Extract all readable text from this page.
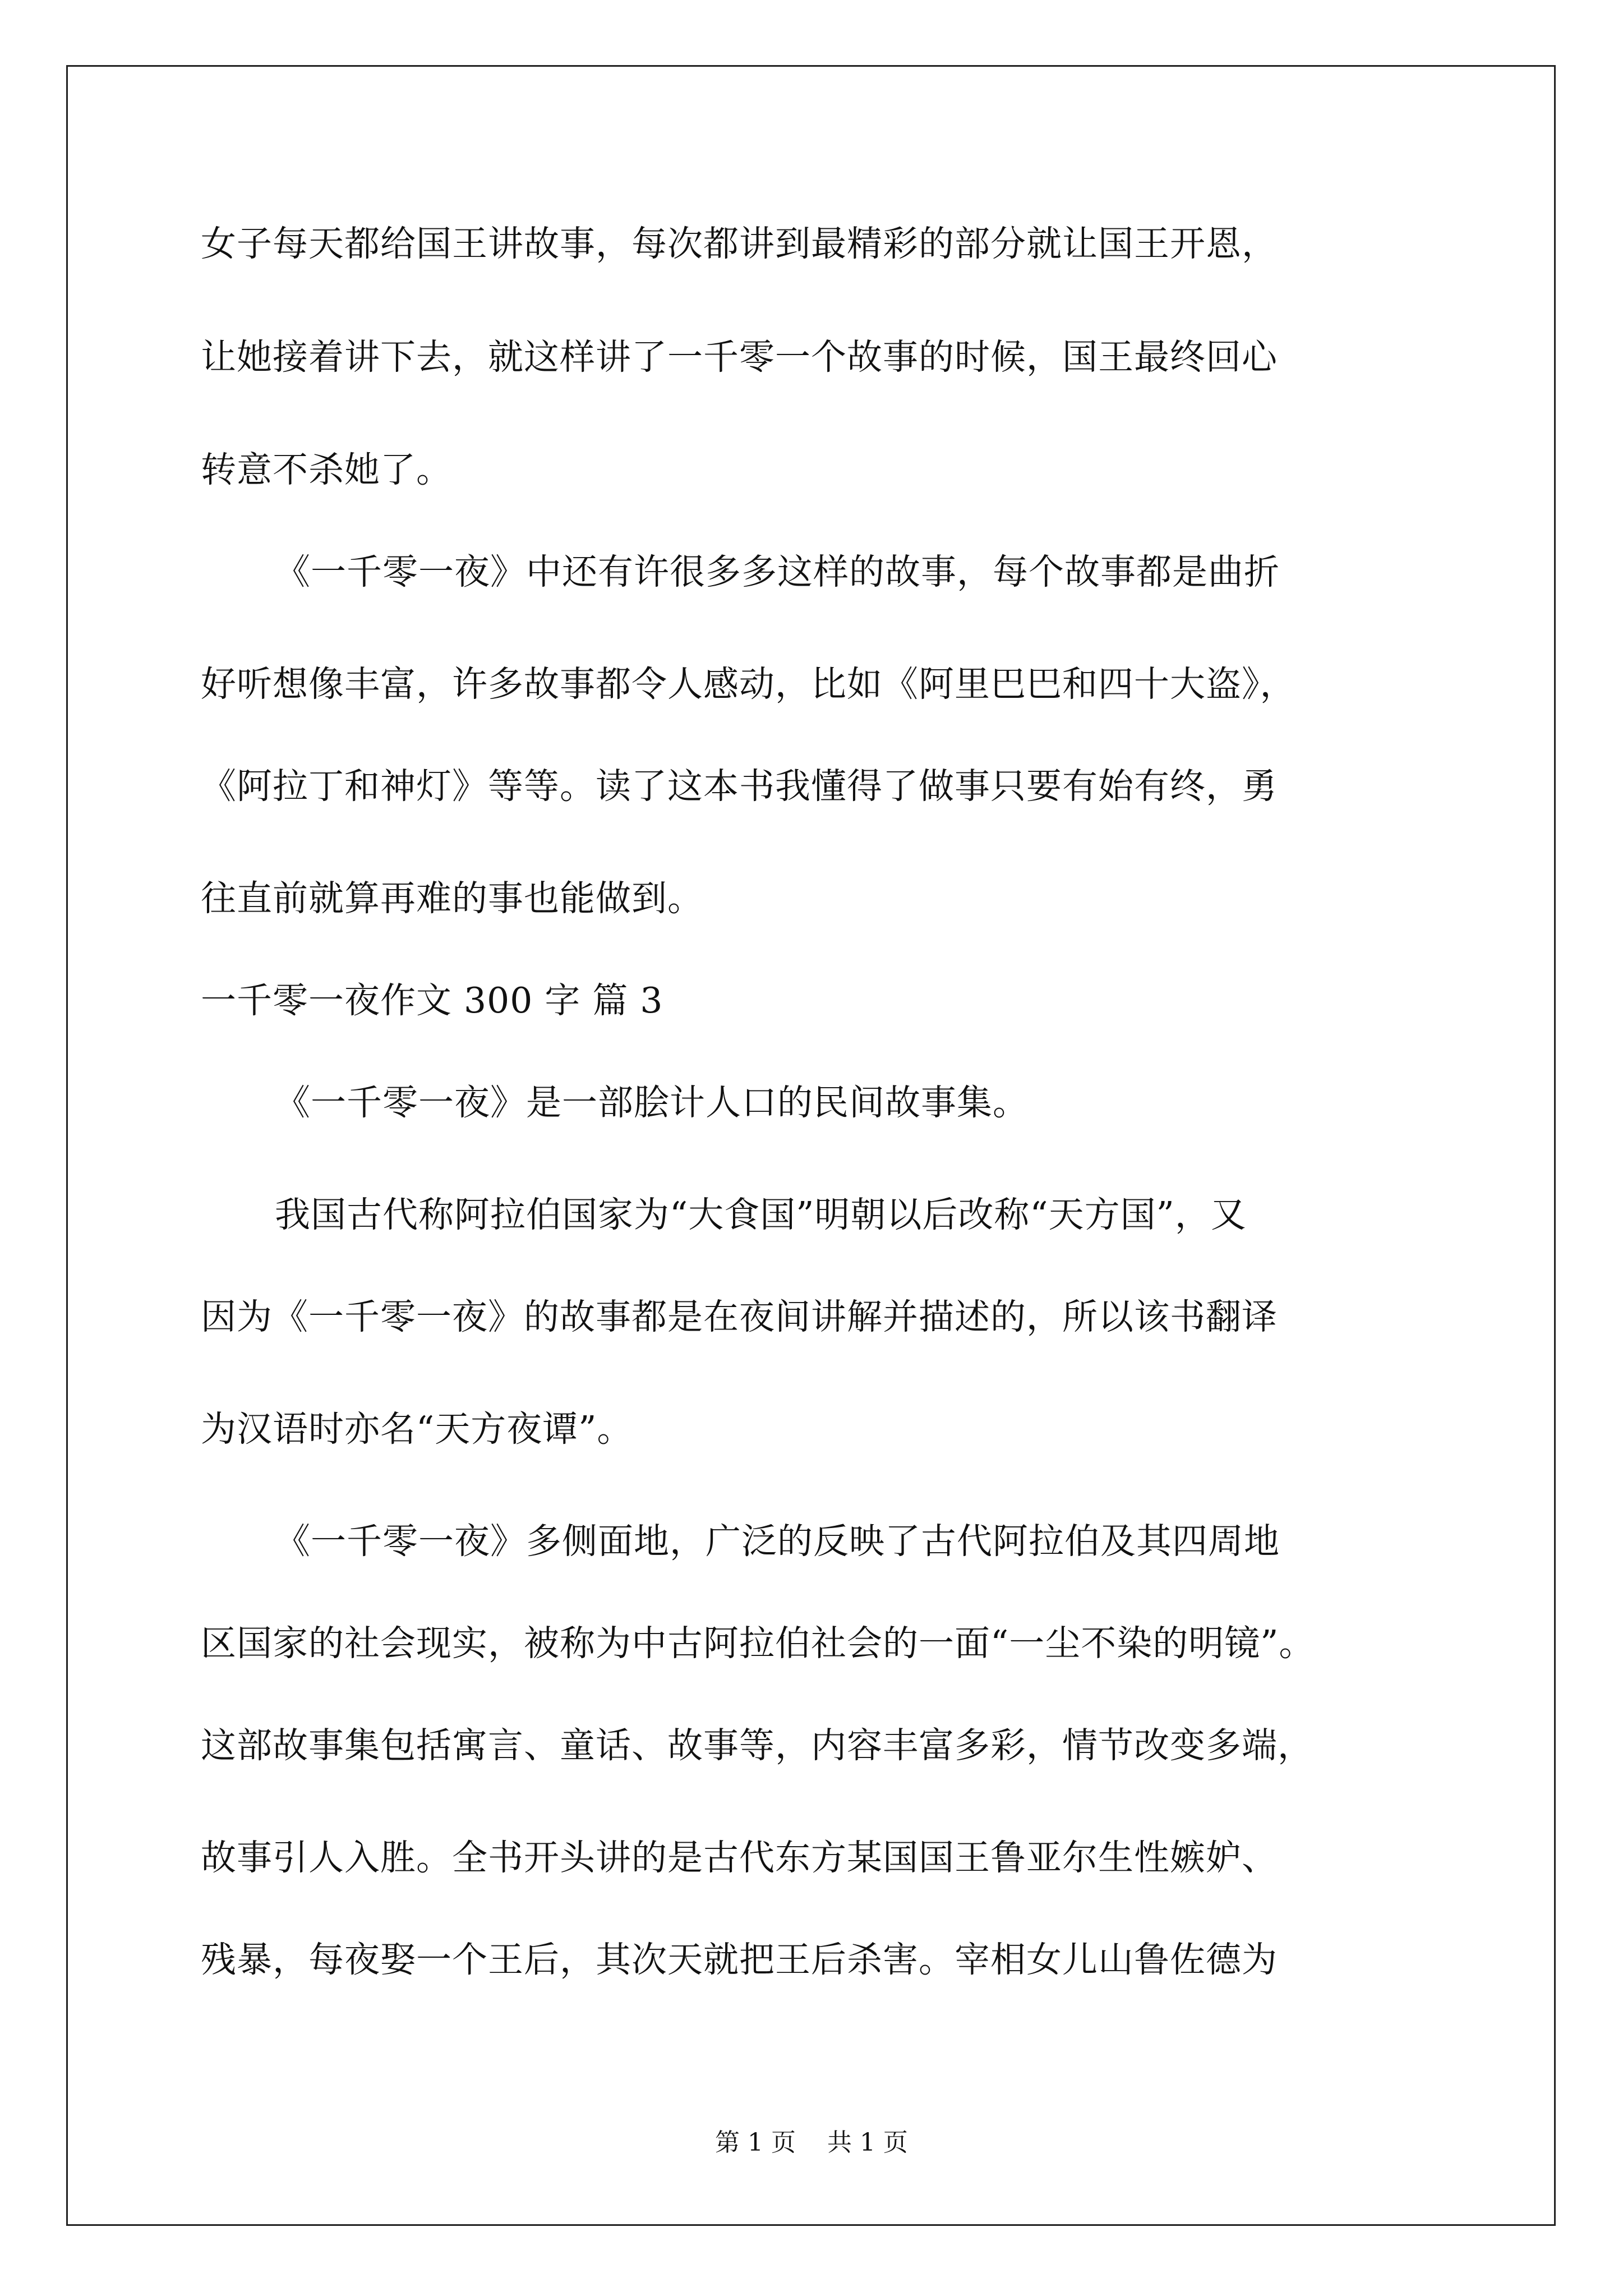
女子每天都给国王讲故事，每次都讲到最精彩的部分就让国王开恩，
让她接着讲下去，就这样讲了一千零一个故事的时候，国王最终回心
转意不杀她了。
《一千零一夜》中还有许很多多这样的故事，每个故事都是曲折
好听想像丰富，许多故事都令人感动，比如《阿里巴巴和四十大盗》，
《阿拉丁和神灯》等等。读了这本书我懂得了做事只要有始有终，勇
往直前就算再难的事也能做到。
一千零一夜作文 300 字 篇 3
《一千零一夜》是一部脍计人口的民间故事集。
我国古代称阿拉伯国家为“大食国”明朝以后改称“天方国”，又
因为《一千零一夜》的故事都是在夜间讲解并描述的，所以该书翻译
为汉语时亦名“天方夜谭”。
《一千零一夜》多侧面地，广泛的反映了古代阿拉伯及其四周地
区国家的社会现实，被称为中古阿拉伯社会的一面“一尘不染的明镜”。
这部故事集包括寓言、童话、故事等，内容丰富多彩，情节改变多端，
故事引人入胜。全书开头讲的是古代东方某国国王鲁亚尔生性嫉妒、
残暴，每夜娶一个王后，其次天就把王后杀害。宰相女儿山鲁佐德为
第 1 页    共 1 页
